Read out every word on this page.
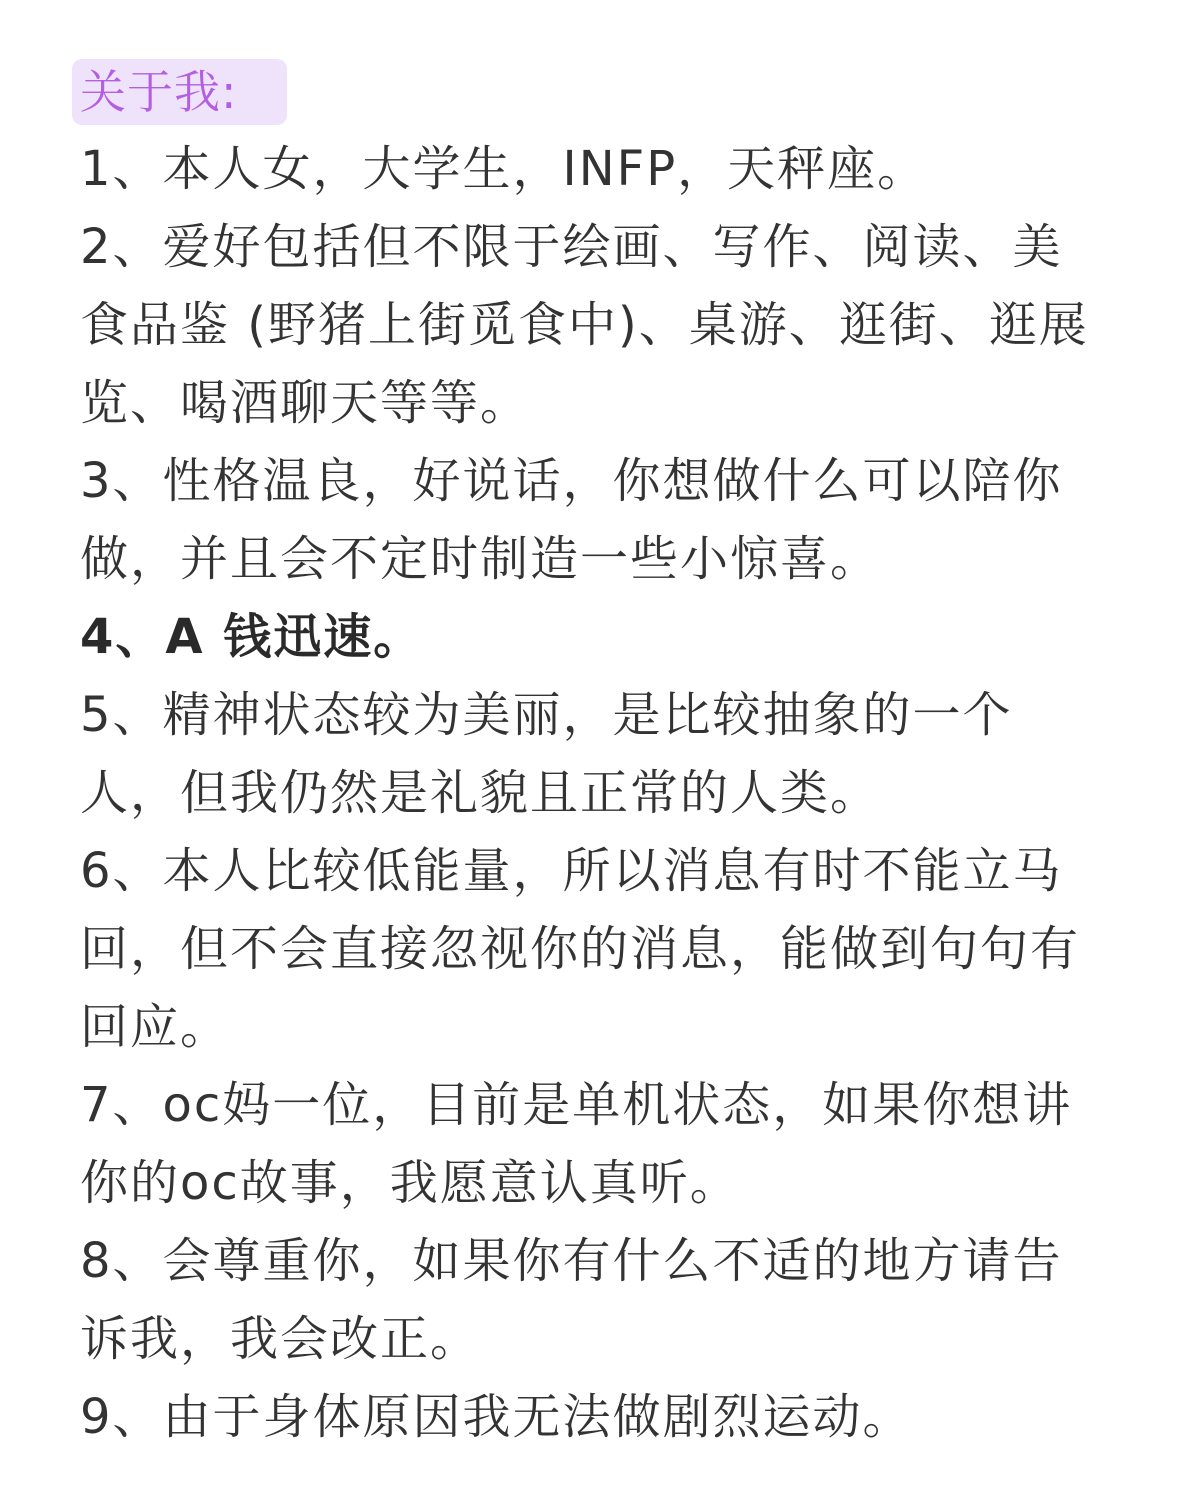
关于我:
1、本人女，大学生，INFP，天秤座。
2、爱好包括但不限于绘画、写作、阅读、美
食品鉴 (野猪上街觅食中)、桌游、逛街、逛展
览、喝酒聊天等等。
3、性格温良，好说话，你想做什么可以陪你
做，并且会不定时制造一些小惊喜。
4、A 钱迅速。
5、精神状态较为美丽，是比较抽象的一个
人，但我仍然是礼貌且正常的人类。
6、本人比较低能量，所以消息有时不能立马
回，但不会直接忽视你的消息，能做到句句有
回应。
7、oc妈一位，目前是单机状态，如果你想讲
你的oc故事，我愿意认真听。
8、会尊重你，如果你有什么不适的地方请告
诉我，我会改正。
9、由于身体原因我无法做剧烈运动。
